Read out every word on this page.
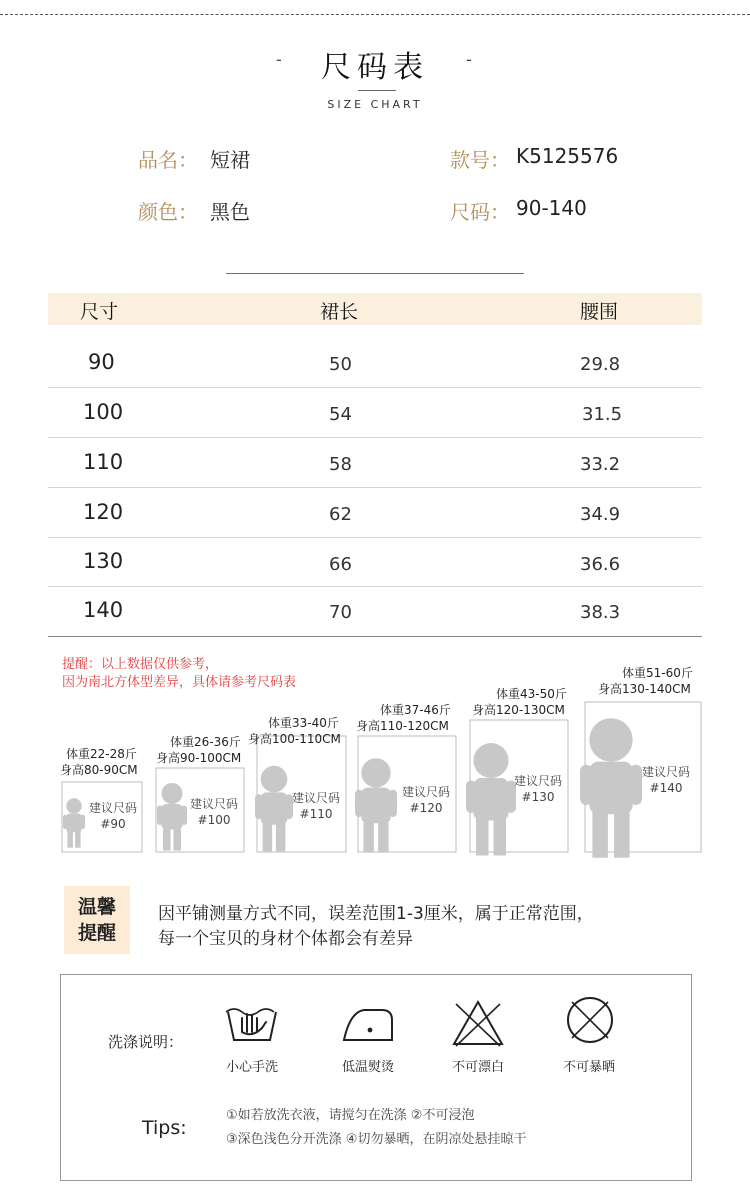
尺码表
-	-
SIZE CHART
品名： 短裙	款号： K5125576
颜色： 黑色	尺码： 90-140
尺寸	裙长	腰围
90	50	29.8
100	54	31.5
110	58	33.2
120	62	34.9
130	66	36.6
140	70	38.3
提醒：以上数据仅供参考，
因为南北方体型差异，具体请参考尺码表
体重22-28斤
身高80-90CM
建议尺码
#90
体重26-36斤
身高90-100CM
建议尺码
#100
体重33-40斤
身高100-110CM
建议尺码
#110
体重37-46斤
身高110-120CM
建议尺码
#120
体重43-50斤
身高120-130CM
建议尺码
#130
体重51-60斤
身高130-140CM
建议尺码
#140
温馨
提醒
因平铺测量方式不同，误差范围1-3厘米，属于正常范围，
每一个宝贝的身材个体都会有差异
洗涤说明：
小心手洗	低温熨烫	不可漂白	不可暴晒
Tips:
①如若放洗衣液，请搅匀在洗涤 ②不可浸泡
③深色浅色分开洗涤 ④切勿暴晒，在阴凉处悬挂晾干
